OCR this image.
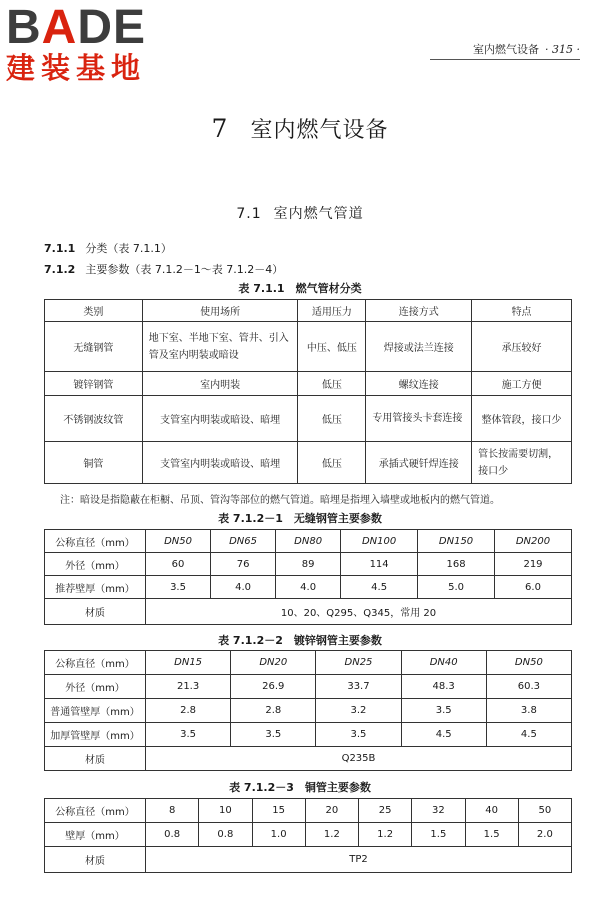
BADE
建装基地
室内燃气设备 · 315 ·
7 室内燃气设备
7.1 室内燃气管道
7.1.1 分类（表 7.1.1）
7.1.2 主要参数（表 7.1.2－1～表 7.1.2－4）
表 7.1.1　燃气管材分类
类别	使用场所	适用压力	连接方式	特点
无缝钢管	地下室、半地下室、管井、引入管及室内明装或暗设	中压、低压	焊接或法兰连接	承压较好
镀锌钢管	室内明装	低压	螺纹连接	施工方便
不锈钢波纹管	支管室内明装或暗设、暗埋	低压	专用管接头卡套连接	整体管段，接口少
铜管	支管室内明装或暗设、暗埋	低压	承插式硬钎焊连接	管长按需要切割，接口少
注：暗设是指隐蔽在柜橱、吊顶、管沟等部位的燃气管道。暗埋是指埋入墙壁或地板内的燃气管道。
表 7.1.2－1　无缝钢管主要参数
公称直径（mm）	DN50	DN65	DN80	DN100	DN150	DN200
外径（mm）	60	76	89	114	168	219
推荐壁厚（mm）	3.5	4.0	4.0	4.5	5.0	6.0
材质	10、20、Q295、Q345，常用 20					
表 7.1.2－2　镀锌钢管主要参数
公称直径（mm）	DN15	DN20	DN25	DN40	DN50
外径（mm）	21.3	26.9	33.7	48.3	60.3
普通管壁厚（mm）	2.8	2.8	3.2	3.5	3.8
加厚管壁厚（mm）	3.5	3.5	3.5	4.5	4.5
材质	Q235B				
表 7.1.2－3　铜管主要参数
公称直径（mm）	8	10	15	20	25	32	40	50
壁厚（mm）	0.8	0.8	1.0	1.2	1.2	1.5	1.5	2.0
材质	TP2							
